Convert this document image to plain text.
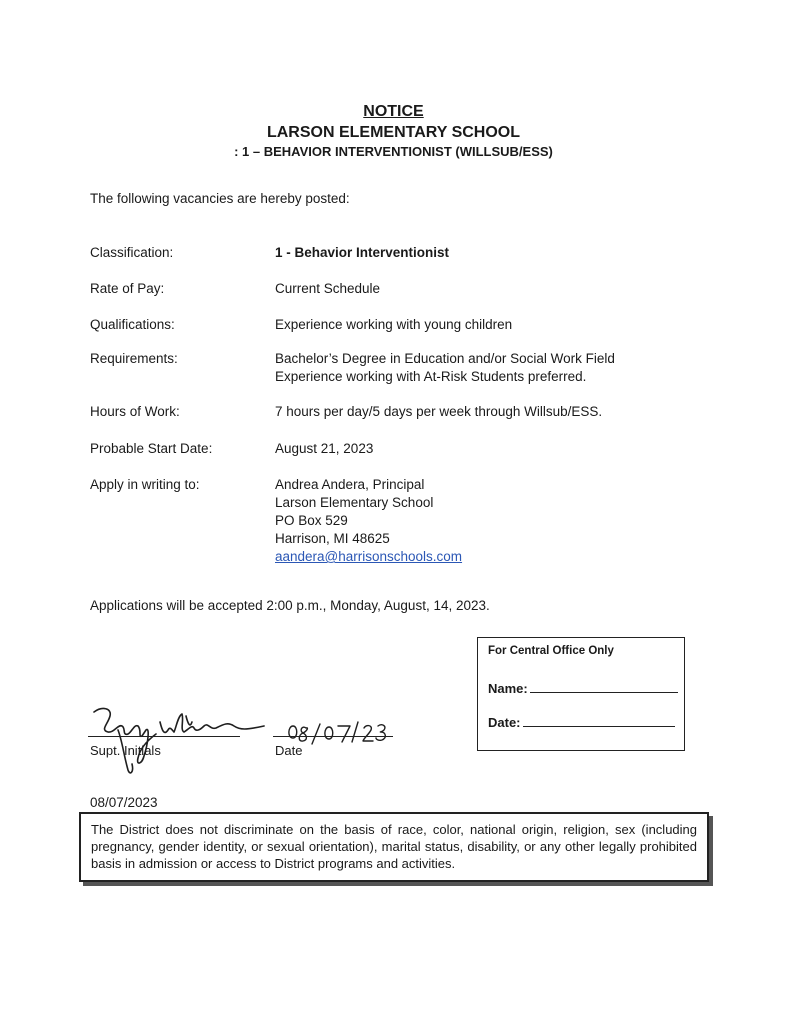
NOTICE
LARSON ELEMENTARY SCHOOL
: 1 – BEHAVIOR INTERVENTIONIST (WILLSUB/ESS)
The following vacancies are hereby posted:
Classification:	1 - Behavior Interventionist
Rate of Pay:	Current Schedule
Qualifications:	Experience working with young children
Requirements:	Bachelor’s Degree in Education and/or Social Work Field
Experience working with At-Risk Students preferred.
Hours of Work:	7 hours per day/5 days per week through Willsub/ESS.
Probable Start Date:	August 21, 2023
Apply in writing to:	Andrea Andera, Principal
Larson Elementary School
PO Box 529
Harrison, MI 48625
aandera@harrisonschools.com
Applications will be accepted 2:00 p.m., Monday, August, 14, 2023.
For Central Office Only
Name:
Date:
Supt. Initials	Date
08/07/2023

The District does not discriminate on the basis of race, color, national origin, religion, sex (including pregnancy, gender identity, or sexual orientation), marital status, disability, or any other legally prohibited basis in admission or access to District programs and activities.
